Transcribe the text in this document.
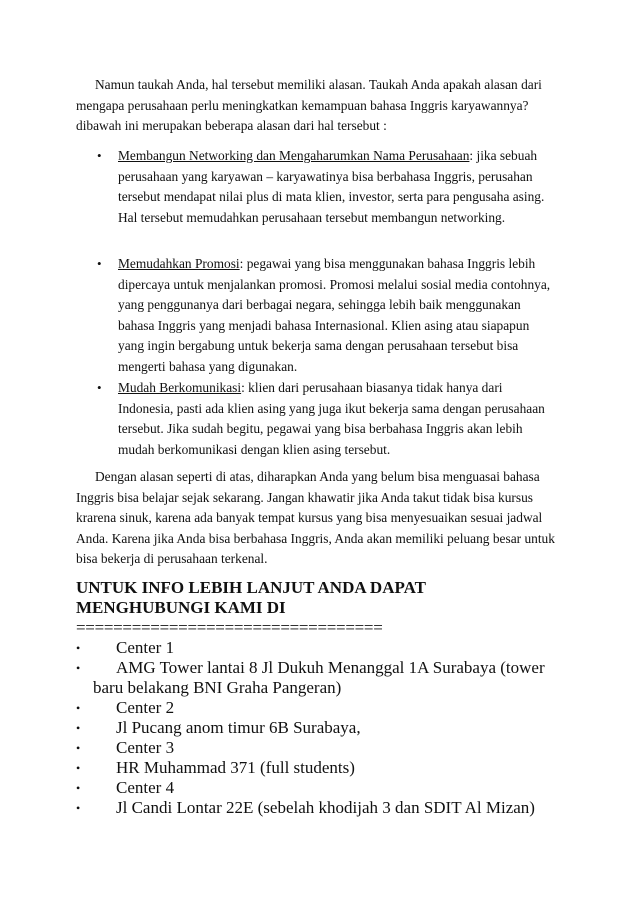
Namun taukah Anda, hal tersebut memiliki alasan. Taukah Anda apakah alasan dari mengapa perusahaan perlu meningkatkan kemampuan bahasa Inggris karyawannya? dibawah ini merupakan beberapa alasan dari hal tersebut :

• Membangun Networking dan Mengaharumkan Nama Perusahaan: jika sebuah perusahaan yang karyawan – karyawatinya bisa berbahasa Inggris, perusahan tersebut mendapat nilai plus di mata klien, investor, serta para pengusaha asing. Hal tersebut memudahkan perusahaan tersebut membangun networking.
• Memudahkan Promosi: pegawai yang bisa menggunakan bahasa Inggris lebih dipercaya untuk menjalankan promosi. Promosi melalui sosial media contohnya, yang penggunanya dari berbagai negara, sehingga lebih baik menggunakan bahasa Inggris yang menjadi bahasa Internasional. Klien asing atau siapapun yang ingin bergabung untuk bekerja sama dengan perusahaan tersebut bisa mengerti bahasa yang digunakan.
• Mudah Berkomunikasi: klien dari perusahaan biasanya tidak hanya dari Indonesia, pasti ada klien asing yang juga ikut bekerja sama dengan perusahaan tersebut. Jika sudah begitu, pegawai yang bisa berbahasa Inggris akan lebih mudah berkomunikasi dengan klien asing tersebut.

Dengan alasan seperti di atas, diharapkan Anda yang belum bisa menguasai bahasa Inggris bisa belajar sejak sekarang. Jangan khawatir jika Anda takut tidak bisa kursus krarena sinuk, karena ada banyak tempat kursus yang bisa menyesuaikan sesuai jadwal Anda. Karena jika Anda bisa berbahasa Inggris, Anda akan memiliki peluang besar untuk bisa bekerja di perusahaan terkenal.

UNTUK INFO LEBIH LANJUT ANDA DAPAT
MENGHUBUNGI KAMI DI
=================================
•	Center 1
•	AMG Tower lantai 8 Jl Dukuh Menanggal 1A Surabaya (tower
baru belakang BNI Graha Pangeran)
•	Center 2
•	Jl Pucang anom timur 6B Surabaya,
•	Center 3
•	HR Muhammad 371 (full students)
•	Center 4
•	Jl Candi Lontar 22E (sebelah khodijah 3 dan SDIT Al Mizan)
